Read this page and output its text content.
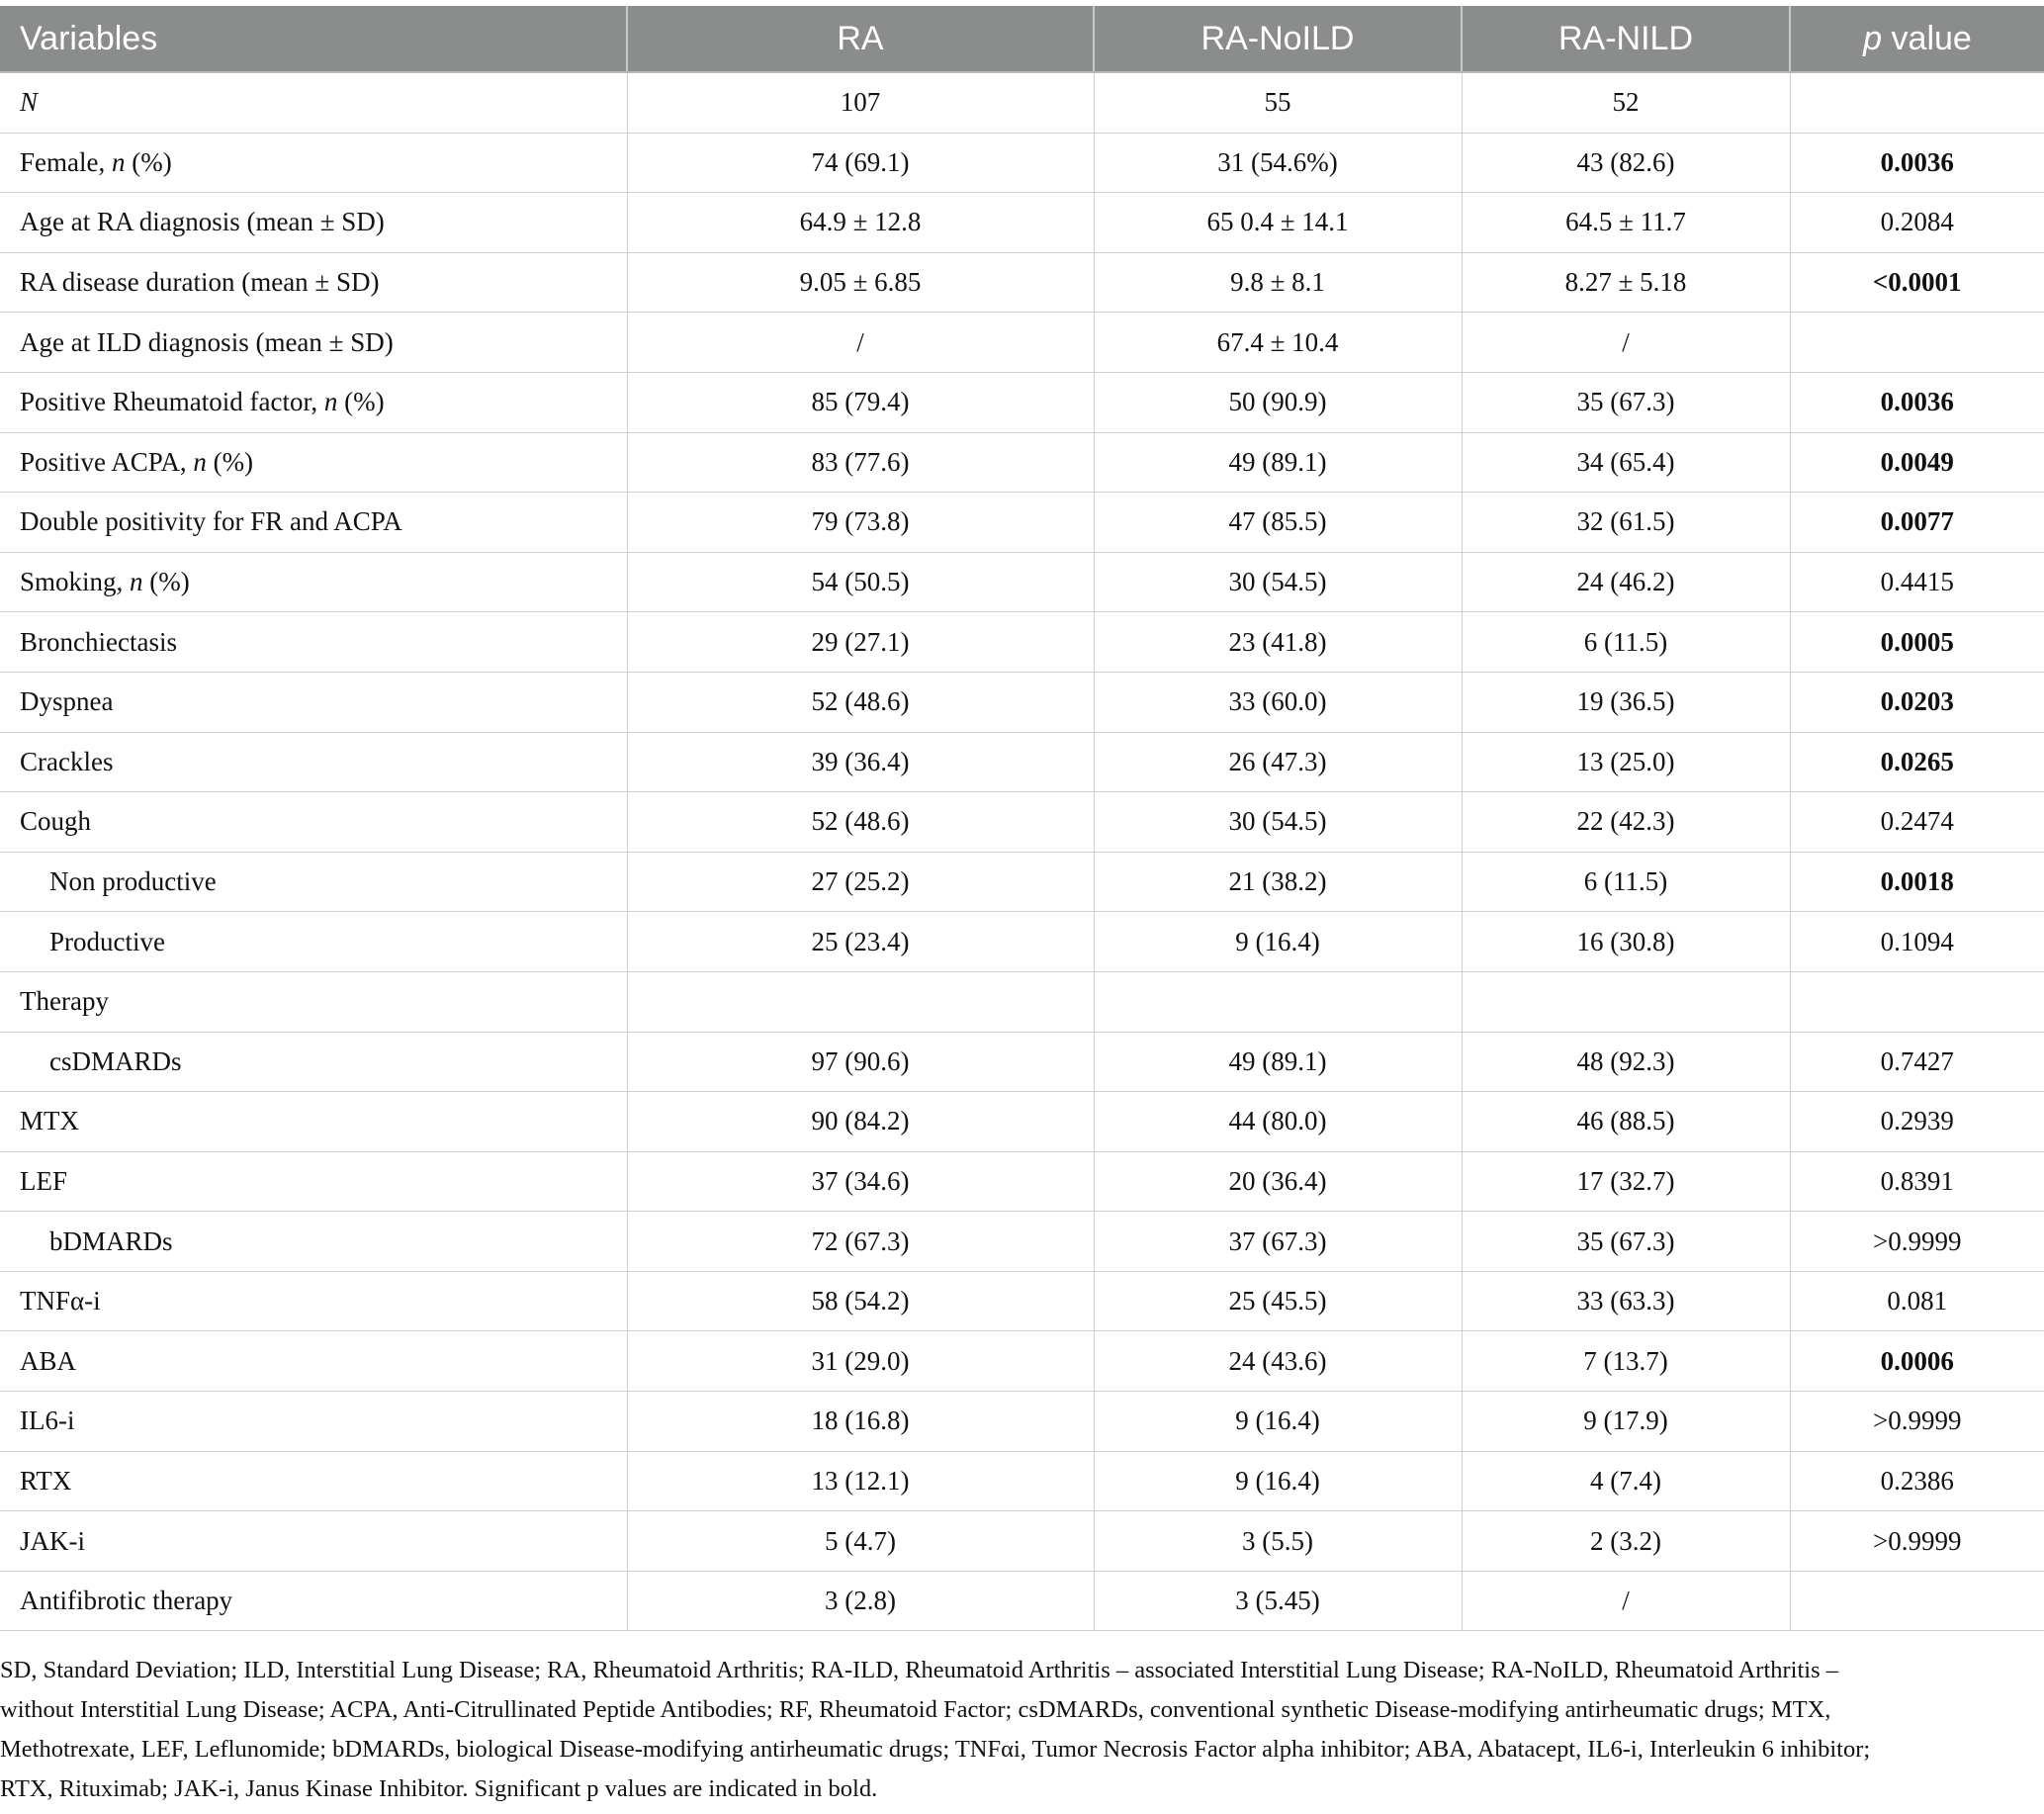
Variables	RA	RA-NoILD	RA-NILD	p value
N	107	55	52	
Female, n (%)	74 (69.1)	31 (54.6%)	43 (82.6)	0.0036
Age at RA diagnosis (mean ± SD)	64.9 ± 12.8	65 0.4 ± 14.1	64.5 ± 11.7	0.2084
RA disease duration (mean ± SD)	9.05 ± 6.85	9.8 ± 8.1	8.27 ± 5.18	<0.0001
Age at ILD diagnosis (mean ± SD)	/	67.4 ± 10.4	/	
Positive Rheumatoid factor, n (%)	85 (79.4)	50 (90.9)	35 (67.3)	0.0036
Positive ACPA, n (%)	83 (77.6)	49 (89.1)	34 (65.4)	0.0049
Double positivity for FR and ACPA	79 (73.8)	47 (85.5)	32 (61.5)	0.0077
Smoking, n (%)	54 (50.5)	30 (54.5)	24 (46.2)	0.4415
Bronchiectasis	29 (27.1)	23 (41.8)	6 (11.5)	0.0005
Dyspnea	52 (48.6)	33 (60.0)	19 (36.5)	0.0203
Crackles	39 (36.4)	26 (47.3)	13 (25.0)	0.0265
Cough	52 (48.6)	30 (54.5)	22 (42.3)	0.2474
Non productive	27 (25.2)	21 (38.2)	6 (11.5)	0.0018
Productive	25 (23.4)	9 (16.4)	16 (30.8)	0.1094
Therapy				
csDMARDs	97 (90.6)	49 (89.1)	48 (92.3)	0.7427
MTX	90 (84.2)	44 (80.0)	46 (88.5)	0.2939
LEF	37 (34.6)	20 (36.4)	17 (32.7)	0.8391
bDMARDs	72 (67.3)	37 (67.3)	35 (67.3)	>0.9999
TNFα-i	58 (54.2)	25 (45.5)	33 (63.3)	0.081
ABA	31 (29.0)	24 (43.6)	7 (13.7)	0.0006
IL6-i	18 (16.8)	9 (16.4)	9 (17.9)	>0.9999
RTX	13 (12.1)	9 (16.4)	4 (7.4)	0.2386
JAK-i	5 (4.7)	3 (5.5)	2 (3.2)	>0.9999
Antifibrotic therapy	3 (2.8)	3 (5.45)	/	
SD, Standard Deviation; ILD, Interstitial Lung Disease; RA, Rheumatoid Arthritis; RA-ILD, Rheumatoid Arthritis – associated Interstitial Lung Disease; RA-NoILD, Rheumatoid Arthritis –
without Interstitial Lung Disease; ACPA, Anti-Citrullinated Peptide Antibodies; RF, Rheumatoid Factor; csDMARDs, conventional synthetic Disease-modifying antirheumatic drugs; MTX,
Methotrexate, LEF, Leflunomide; bDMARDs, biological Disease-modifying antirheumatic drugs; TNFαi, Tumor Necrosis Factor alpha inhibitor; ABA, Abatacept, IL6-i, Interleukin 6 inhibitor;
RTX, Rituximab; JAK-i, Janus Kinase Inhibitor. Significant p values are indicated in bold.
